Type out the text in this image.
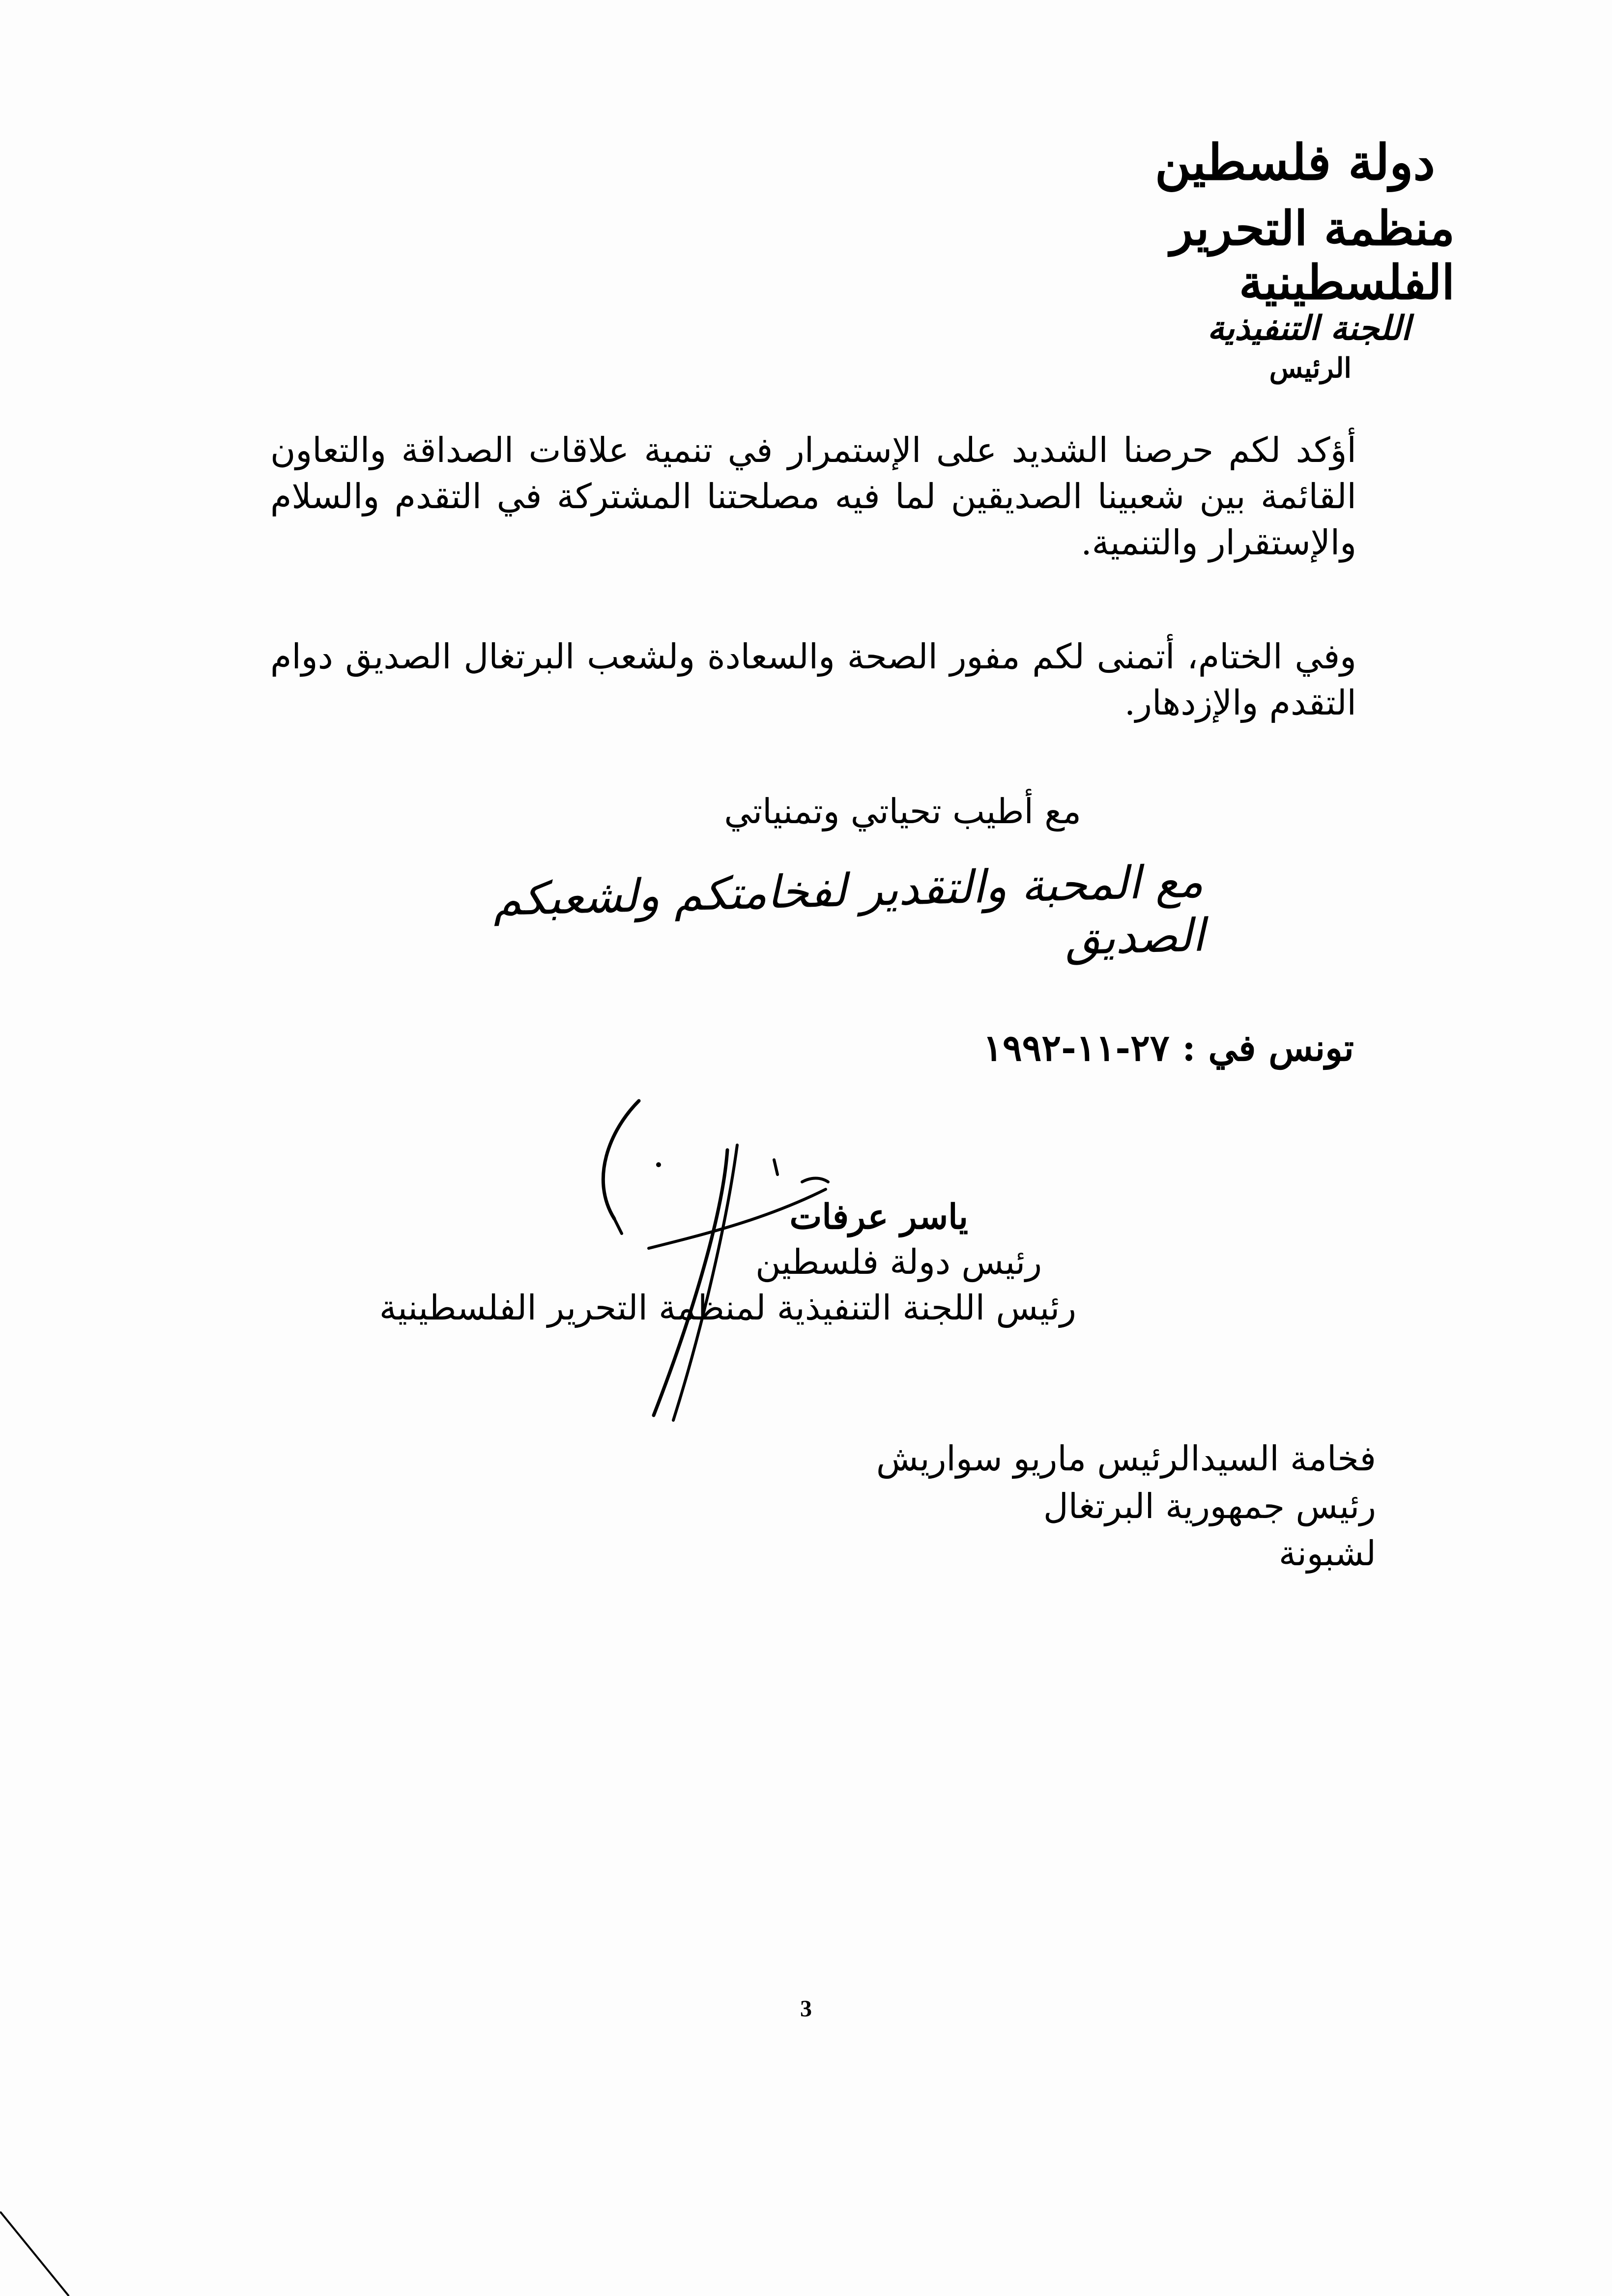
دولة فلسطين
منظمة التحرير الفلسطينية
اللجنة التنفيذية
الرئيس
أؤكد لكم حرصنا الشديد على الإستمرار في تنمية علاقات الصداقة والتعاون القائمة بين شعبينا الصديقين لما فيه مصلحتنا المشتركة في التقدم والسلام والإستقرار والتنمية.
وفي الختام، أتمنى لكم مفور الصحة والسعادة ولشعب البرتغال الصديق دوام التقدم والإزدهار.
مع أطيب تحياتي وتمنياتي
مع المحبة والتقدير لفخامتكم ولشعبكم الصديق
تونس في : ٢٧-١١-١٩٩٢
ياسر عرفات
رئيس دولة فلسطين
رئيس اللجنة التنفيذية لمنظمة التحرير الفلسطينية
فخامة السيدالرئيس ماريو سواريش
رئيس جمهورية البرتغال
لشبونة
3
